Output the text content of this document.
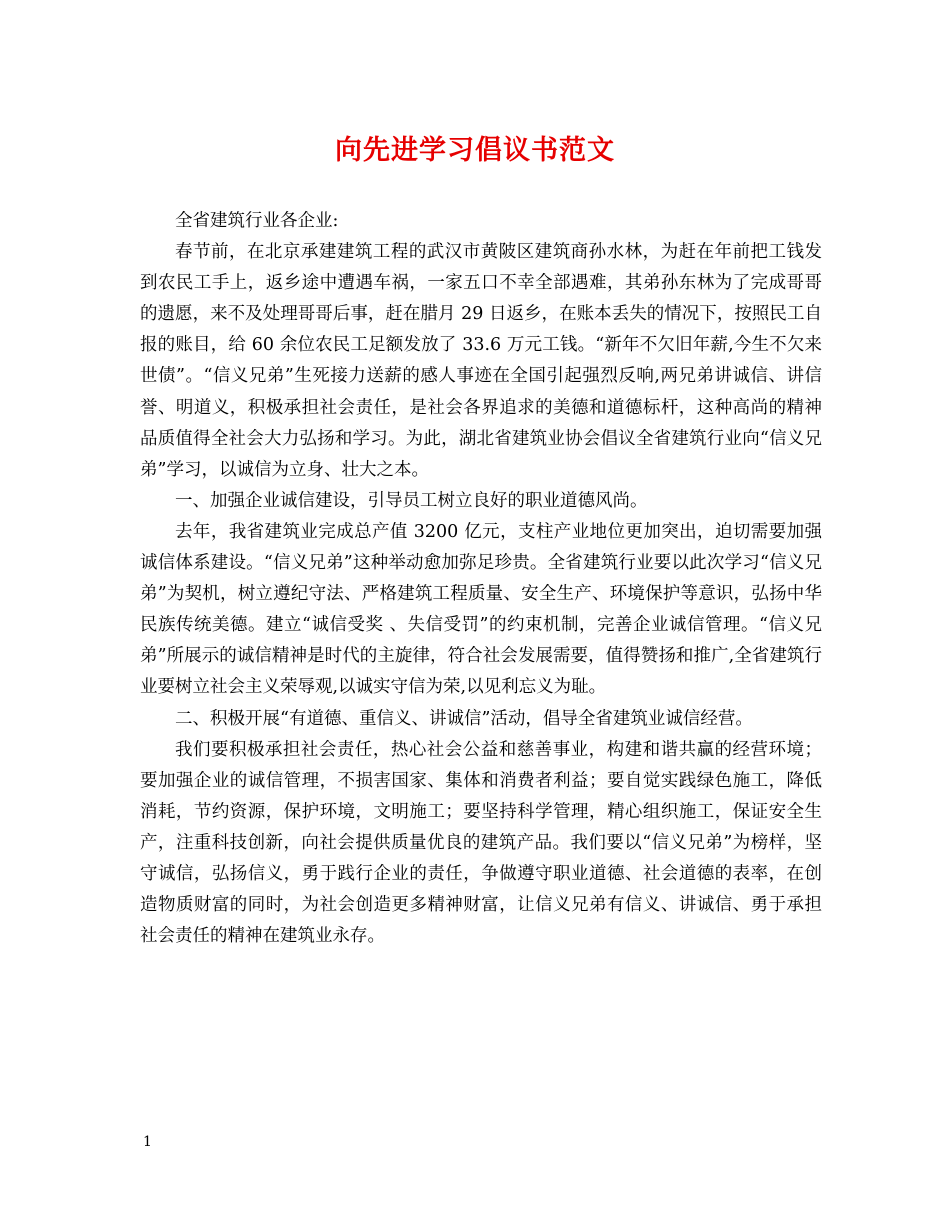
向先进学习倡议书范文

全省建筑行业各企业:

春节前，在北京承建建筑工程的武汉市黄陂区建筑商孙水林，为赶在年前把工钱发到农民工手上，返乡途中遭遇车祸，一家五口不幸全部遇难，其弟孙东林为了完成哥哥的遗愿，来不及处理哥哥后事，赶在腊月 29 日返乡，在账本丢失的情况下，按照民工自报的账目，给 60 余位农民工足额发放了 33.6 万元工钱。“新年不欠旧年薪,今生不欠来世债”。“信义兄弟”生死接力送薪的感人事迹在全国引起强烈反响,两兄弟讲诚信、讲信誉、明道义，积极承担社会责任，是社会各界追求的美德和道德标杆，这种高尚的精神品质值得全社会大力弘扬和学习。为此，湖北省建筑业协会倡议全省建筑行业向“信义兄弟”学习，以诚信为立身、壮大之本。

一、加强企业诚信建设，引导员工树立良好的职业道德风尚。

去年，我省建筑业完成总产值 3200 亿元，支柱产业地位更加突出，迫切需要加强诚信体系建设。“信义兄弟”这种举动愈加弥足珍贵。全省建筑行业要以此次学习“信义兄弟”为契机，树立遵纪守法、严格建筑工程质量、安全生产、环境保护等意识，弘扬中华民族传统美德。建立“诚信受奖 、失信受罚”的约束机制，完善企业诚信管理。“信义兄弟”所展示的诚信精神是时代的主旋律，符合社会发展需要，值得赞扬和推广,全省建筑行业要树立社会主义荣辱观,以诚实守信为荣,以见利忘义为耻。

二、积极开展“有道德、重信义、讲诚信”活动，倡导全省建筑业诚信经营。

我们要积极承担社会责任，热心社会公益和慈善事业，构建和谐共赢的经营环境；要加强企业的诚信管理，不损害国家、集体和消费者利益；要自觉实践绿色施工，降低消耗，节约资源，保护环境，文明施工；要坚持科学管理，精心组织施工，保证安全生产，注重科技创新，向社会提供质量优良的建筑产品。我们要以“信义兄弟”为榜样，坚守诚信，弘扬信义，勇于践行企业的责任，争做遵守职业道德、社会道德的表率，在创造物质财富的同时，为社会创造更多精神财富，让信义兄弟有信义、讲诚信、勇于承担社会责任的精神在建筑业永存。

1
